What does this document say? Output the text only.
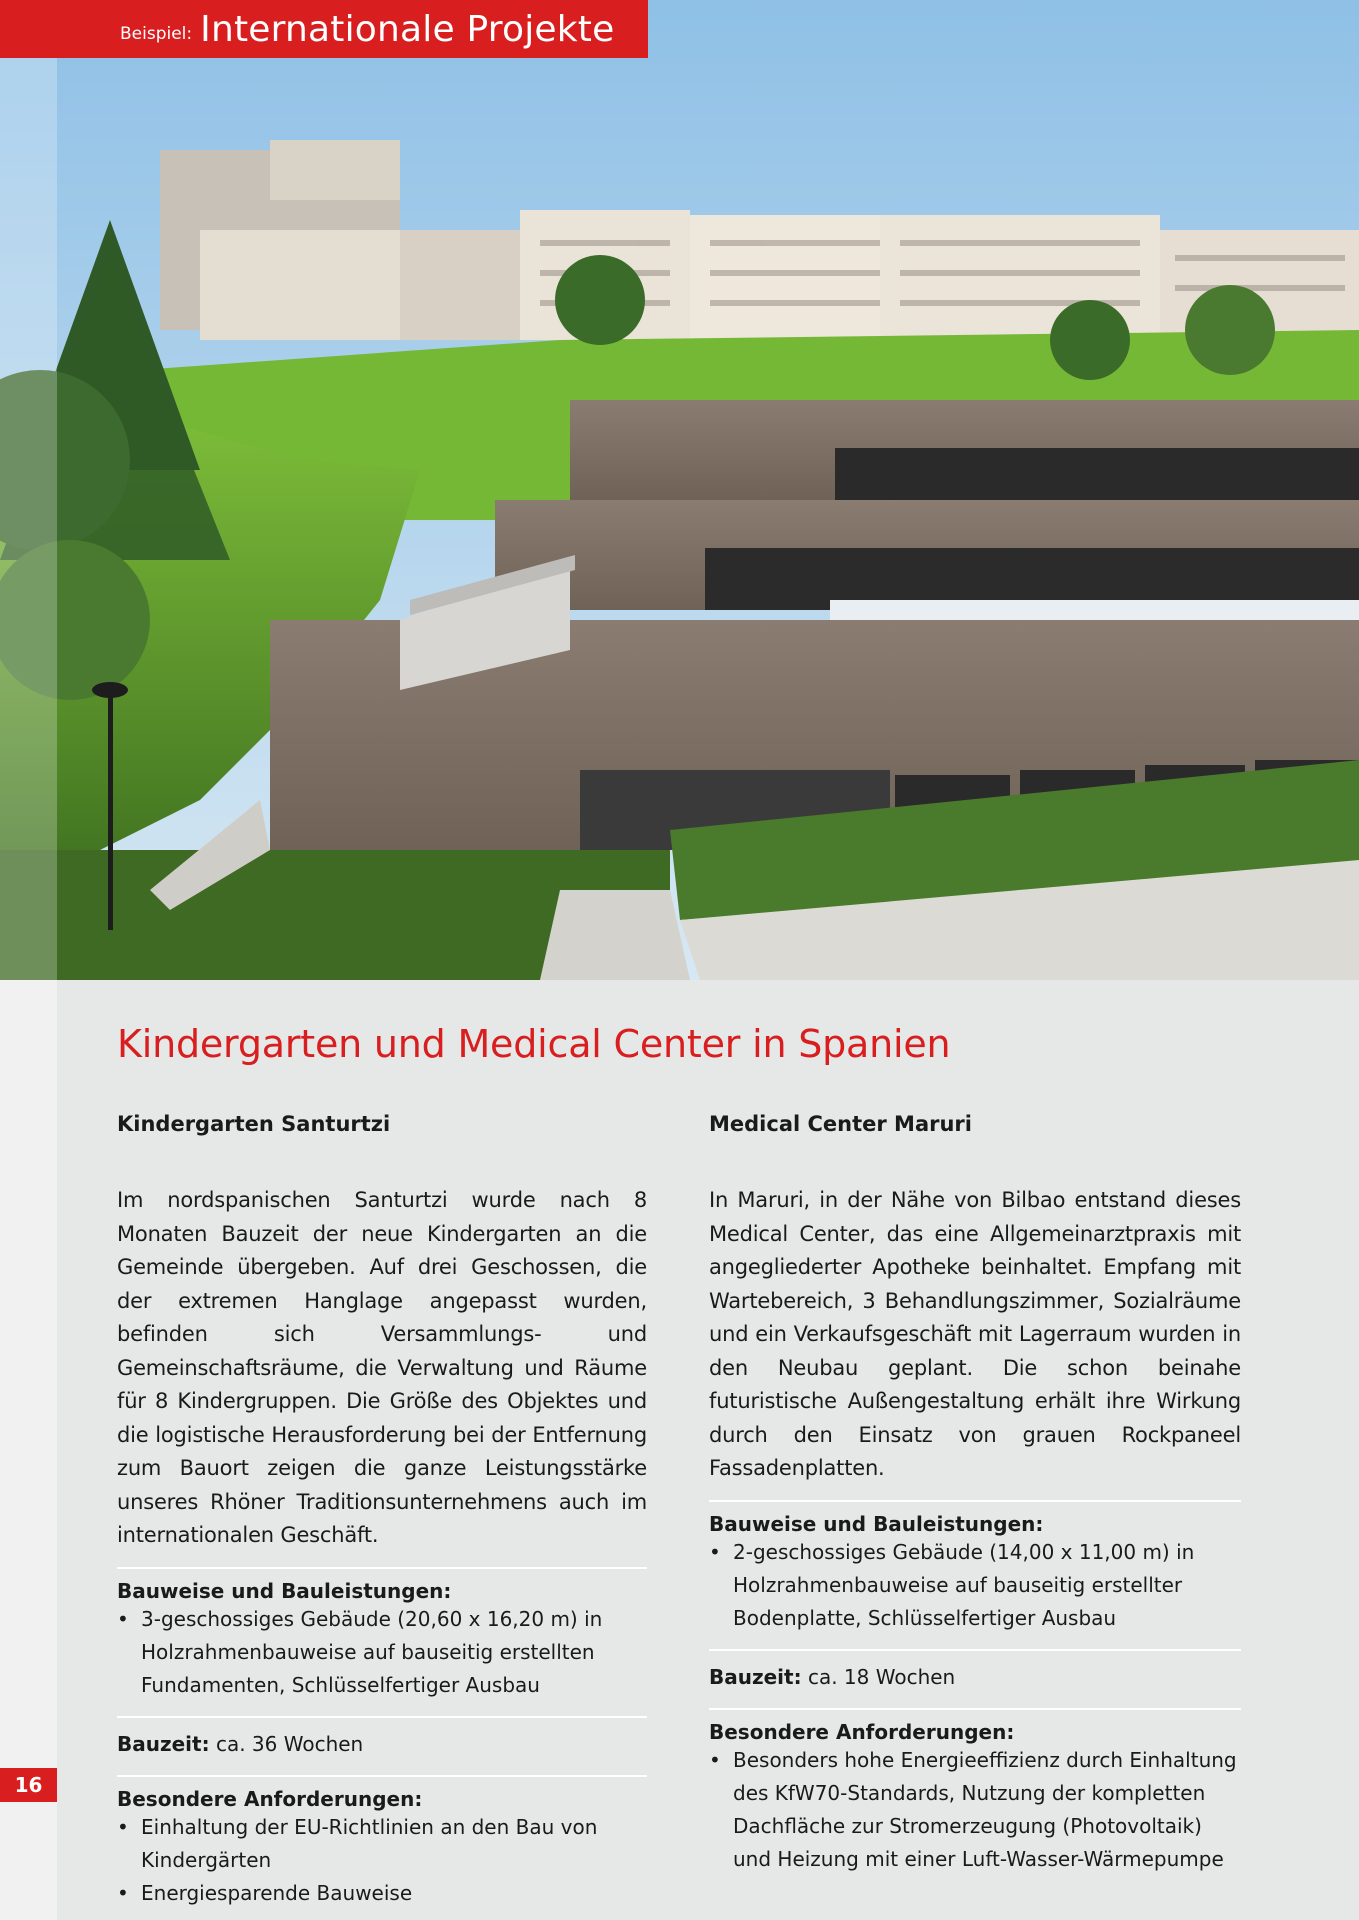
Beispiel: Internationale Projekte
16
Kindergarten und Medical Center in Spanien
Kindergarten Santurtzi

Im nordspanischen Santurtzi wurde nach 8 Monaten Bauzeit der neue Kindergarten an die Gemeinde übergeben. Auf drei Geschossen, die der extremen Hanglage angepasst wurden, befinden sich Versammlungs- und Gemeinschaftsräume, die Verwaltung und Räume für 8 Kindergruppen. Die Größe des Objektes und die logistische Herausforderung bei der Entfernung zum Bauort zeigen die ganze Leistungsstärke unseres Rhöner Traditionsunternehmens auch im internationalen Geschäft.

Bauweise und Bauleistungen:
• 3-geschossiges Gebäude (20,60 x 16,20 m) in Holzrahmenbauweise auf bauseitig erstellten Fundamenten, Schlüsselfertiger Ausbau
Bauzeit: ca. 36 Wochen
Besondere Anforderungen:
• Einhaltung der EU-Richtlinien an den Bau von Kindergärten
• Energiesparende Bauweise
Medical Center Maruri

In Maruri, in der Nähe von Bilbao entstand dieses Medical Center, das eine Allgemeinarztpraxis mit angegliederter Apotheke beinhaltet. Empfang mit Wartebereich, 3 Behandlungszimmer, Sozialräume und ein Verkaufsgeschäft mit Lagerraum wurden in den Neubau geplant. Die schon beinahe futuristische Außengestaltung erhält ihre Wirkung durch den Einsatz von grauen Rockpaneel Fassadenplatten.

Bauweise und Bauleistungen:
• 2-geschossiges Gebäude (14,00 x 11,00 m) in Holzrahmenbauweise auf bauseitig erstellter Bodenplatte, Schlüsselfertiger Ausbau
Bauzeit: ca. 18 Wochen
Besondere Anforderungen:
• Besonders hohe Energieeffizienz durch Einhaltung des KfW70-Standards, Nutzung der kompletten Dachfläche zur Stromerzeugung (Photovoltaik) und Heizung mit einer Luft-Wasser-Wärmepumpe
